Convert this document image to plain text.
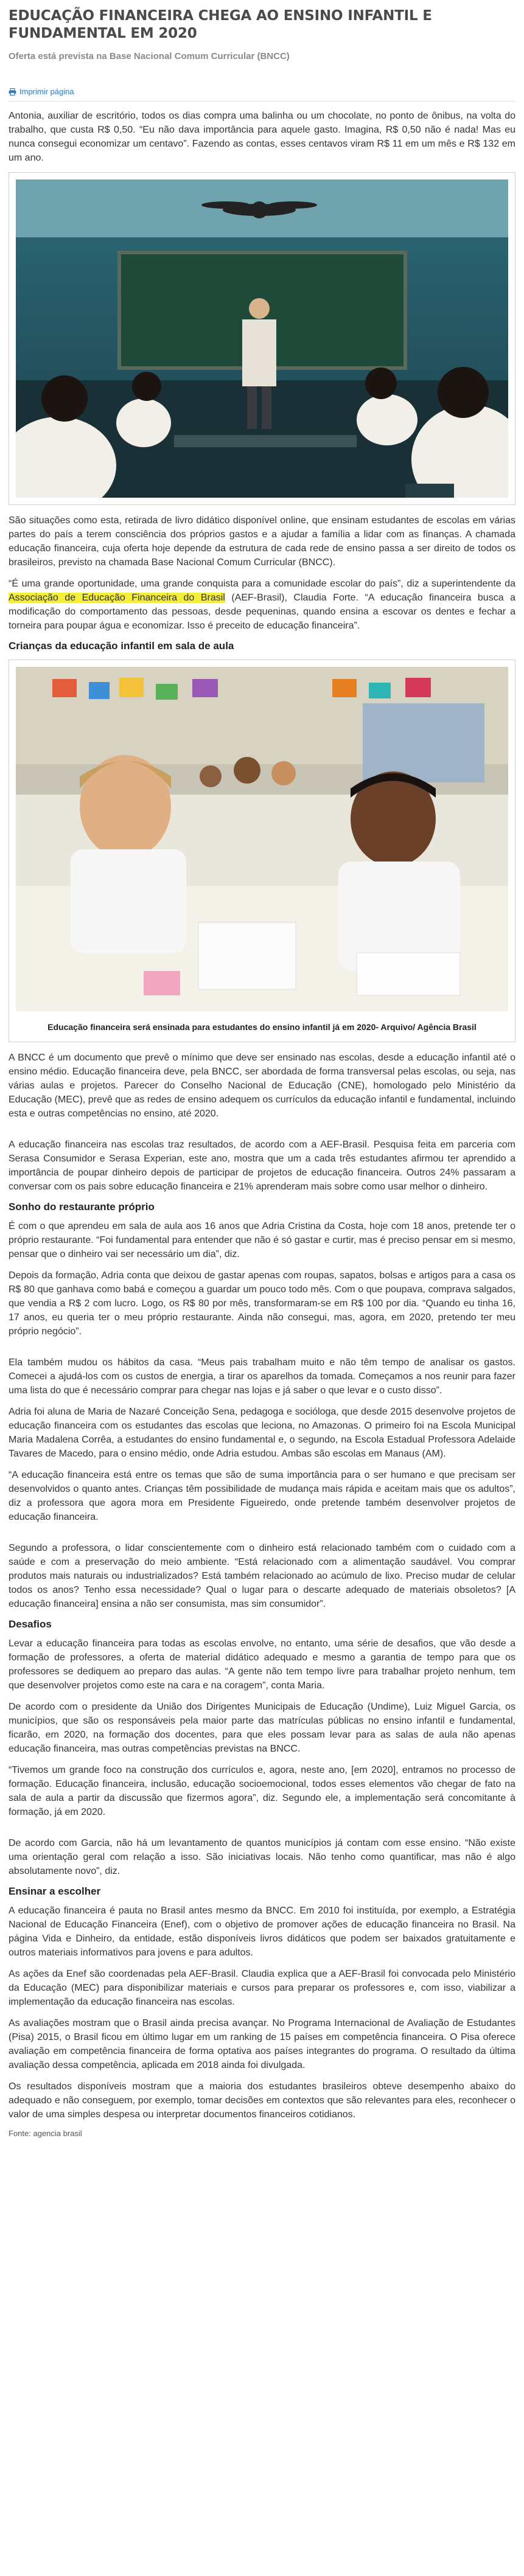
EDUCAÇÃO FINANCEIRA CHEGA AO ENSINO INFANTIL E FUNDAMENTAL EM 2020
Oferta está prevista na Base Nacional Comum Curricular (BNCC)
Imprimir página

Antonia, auxiliar de escritório, todos os dias compra uma balinha ou um chocolate, no ponto de ônibus, na volta do trabalho, que custa R$ 0,50. “Eu não dava importância para aquele gasto. Imagina, R$ 0,50 não é nada! Mas eu nunca consegui economizar um centavo”. Fazendo as contas, esses centavos viram R$ 11 em um mês e R$ 132 em um ano.

São situações como esta, retirada de livro didático disponível online, que ensinam estudantes de escolas em várias partes do país a terem consciência dos próprios gastos e a ajudar a família a lidar com as finanças. A chamada educação financeira, cuja oferta hoje depende da estrutura de cada rede de ensino passa a ser direito de todos os brasileiros, previsto na chamada Base Nacional Comum Curricular (BNCC).

“É uma grande oportunidade, uma grande conquista para a comunidade escolar do país”, diz a superintendente da Associação de Educação Financeira do Brasil (AEF-Brasil), Claudia Forte. “A educação financeira busca a modificação do comportamento das pessoas, desde pequeninas, quando ensina a escovar os dentes e fechar a torneira para poupar água e economizar. Isso é preceito de educação financeira”.

Crianças da educação infantil em sala de aula
Educação financeira será ensinada para estudantes do ensino infantil já em 2020- Arquivo/ Agência Brasil

A BNCC é um documento que prevê o mínimo que deve ser ensinado nas escolas, desde a educação infantil até o ensino médio. Educação financeira deve, pela BNCC, ser abordada de forma transversal pelas escolas, ou seja, nas várias aulas e projetos. Parecer do Conselho Nacional de Educação (CNE), homologado pelo Ministério da Educação (MEC), prevê que as redes de ensino adequem os currículos da educação infantil e fundamental, incluindo esta e outras competências no ensino, até 2020.

A educação financeira nas escolas traz resultados, de acordo com a AEF-Brasil. Pesquisa feita em parceria com Serasa Consumidor e Serasa Experian, este ano, mostra que um a cada três estudantes afirmou ter aprendido a importância de poupar dinheiro depois de participar de projetos de educação financeira. Outros 24% passaram a conversar com os pais sobre educação financeira e 21% aprenderam mais sobre como usar melhor o dinheiro.

Sonho do restaurante próprio

É com o que aprendeu em sala de aula aos 16 anos que Adria Cristina da Costa, hoje com 18 anos, pretende ter o próprio restaurante. “Foi fundamental para entender que não é só gastar e curtir, mas é preciso pensar em si mesmo, pensar que o dinheiro vai ser necessário um dia”, diz.

Depois da formação, Adria conta que deixou de gastar apenas com roupas, sapatos, bolsas e artigos para a casa os R$ 80 que ganhava como babá e começou a guardar um pouco todo mês. Com o que poupava, comprava salgados, que vendia a R$ 2 com lucro. Logo, os R$ 80 por mês, transformaram-se em R$ 100 por dia. “Quando eu tinha 16, 17 anos, eu queria ter o meu próprio restaurante. Ainda não consegui, mas, agora, em 2020, pretendo ter meu próprio negócio”.

Ela também mudou os hábitos da casa. “Meus pais trabalham muito e não têm tempo de analisar os gastos. Comecei a ajudá-los com os custos de energia, a tirar os aparelhos da tomada. Começamos a nos reunir para fazer uma lista do que é necessário comprar para chegar nas lojas e já saber o que levar e o custo disso”.

Adria foi aluna de Maria de Nazaré Conceição Sena, pedagoga e socióloga, que desde 2015 desenvolve projetos de educação financeira com os estudantes das escolas que leciona, no Amazonas. O primeiro foi na Escola Municipal Maria Madalena Corrêa, a estudantes do ensino fundamental e, o segundo, na Escola Estadual Professora Adelaide Tavares de Macedo, para o ensino médio, onde Adria estudou. Ambas são escolas em Manaus (AM).

“A educação financeira está entre os temas que são de suma importância para o ser humano e que precisam ser desenvolvidos o quanto antes. Crianças têm possibilidade de mudança mais rápida e aceitam mais que os adultos”, diz a professora que agora mora em Presidente Figueiredo, onde pretende também desenvolver projetos de educação financeira.

Segundo a professora, o lidar conscientemente com o dinheiro está relacionado também com o cuidado com a saúde e com a preservação do meio ambiente. “Está relacionado com a alimentação saudável. Vou comprar produtos mais naturais ou industrializados? Está também relacionado ao acúmulo de lixo. Preciso mudar de celular todos os anos? Tenho essa necessidade? Qual o lugar para o descarte adequado de materiais obsoletos? [A educação financeira] ensina a não ser consumista, mas sim consumidor”.

Desafios

Levar a educação financeira para todas as escolas envolve, no entanto, uma série de desafios, que vão desde a formação de professores, a oferta de material didático adequado e mesmo a garantia de tempo para que os professores se dediquem ao preparo das aulas. “A gente não tem tempo livre para trabalhar projeto nenhum, tem que desenvolver projetos como este na cara e na coragem”, conta Maria.

De acordo com o presidente da União dos Dirigentes Municipais de Educação (Undime), Luiz Miguel Garcia, os municípios, que são os responsáveis pela maior parte das matrículas públicas no ensino infantil e fundamental, ficarão, em 2020, na formação dos docentes, para que eles possam levar para as salas de aula não apenas educação financeira, mas outras competências previstas na BNCC.

“Tivemos um grande foco na construção dos currículos e, agora, neste ano, [em 2020], entramos no processo de formação. Educação financeira, inclusão, educação socioemocional, todos esses elementos vão chegar de fato na sala de aula a partir da discussão que fizermos agora”, diz. Segundo ele, a implementação será concomitante à formação, já em 2020.

De acordo com Garcia, não há um levantamento de quantos municípios já contam com esse ensino. “Não existe uma orientação geral com relação a isso. São iniciativas locais. Não tenho como quantificar, mas não é algo absolutamente novo”, diz.

Ensinar a escolher

A educação financeira é pauta no Brasil antes mesmo da BNCC. Em 2010 foi instituída, por exemplo, a Estratégia Nacional de Educação Financeira (Enef), com o objetivo de promover ações de educação financeira no Brasil. Na página Vida e Dinheiro, da entidade, estão disponíveis livros didáticos que podem ser baixados gratuitamente e outros materiais informativos para jovens e para adultos.

As ações da Enef são coordenadas pela AEF-Brasil. Claudia explica que a AEF-Brasil foi convocada pelo Ministério da Educação (MEC) para disponibilizar materiais e cursos para preparar os professores e, com isso, viabilizar a implementação da educação financeira nas escolas.

As avaliações mostram que o Brasil ainda precisa avançar. No Programa Internacional de Avaliação de Estudantes (Pisa) 2015, o Brasil ficou em último lugar em um ranking de 15 países em competência financeira. O Pisa oferece avaliação em competência financeira de forma optativa aos países integrantes do programa. O resultado da última avaliação dessa competência, aplicada em 2018 ainda foi divulgada.

Os resultados disponíveis mostram que a maioria dos estudantes brasileiros obteve desempenho abaixo do adequado e não conseguem, por exemplo, tomar decisões em contextos que são relevantes para eles, reconhecer o valor de uma simples despesa ou interpretar documentos financeiros cotidianos.

Fonte: agencia brasil
